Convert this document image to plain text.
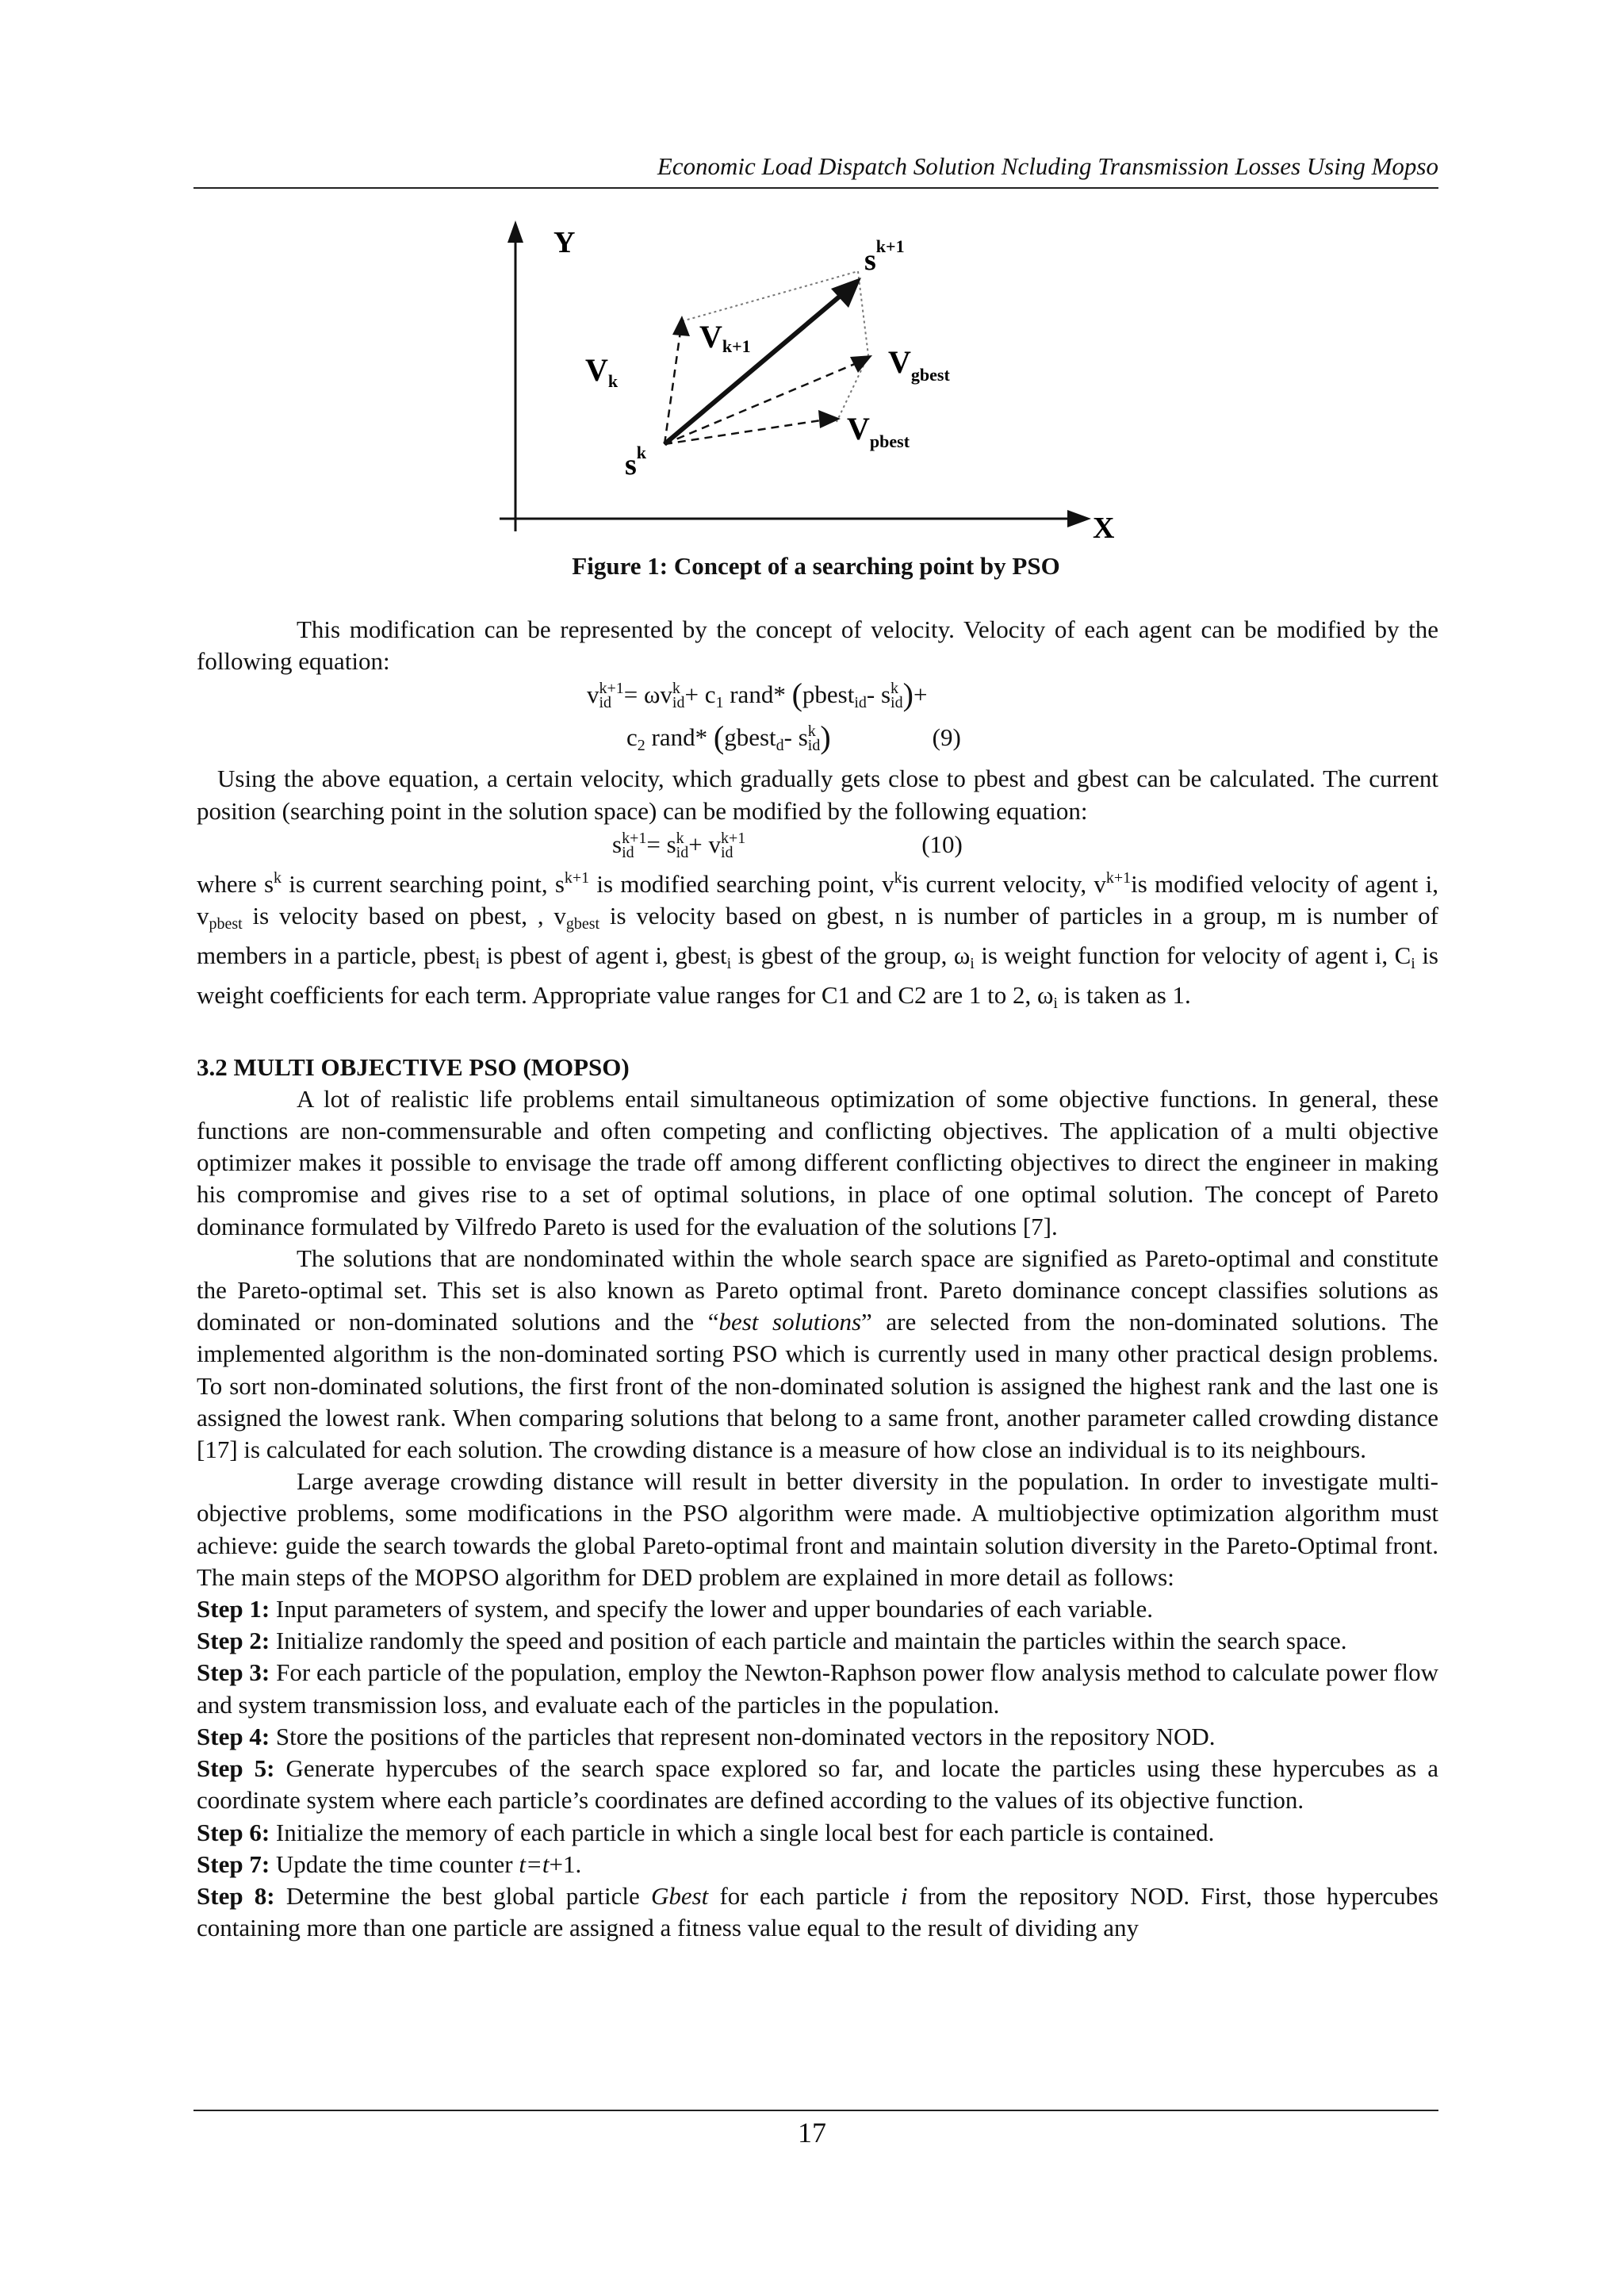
Economic Load Dispatch Solution Ncluding Transmission Losses Using Mopso
Y
X
$V_k$
$s^k$
$s^{k+1}$
Vk+1	$V_{gbest}$
$V_{pbest}$
Figure 1: Concept of a searching point by PSO

This modification can be represented by the concept of velocity. Velocity of each agent can be modified by the following equation:

v k+1
id = ωv k
id + $c_1$ rand* (pbest$_{id}$- s k
id )+

$c_2$ rand* (gbest$_d$- s k
id )	(9)

Using the above equation, a certain velocity, which gradually gets close to pbest and gbest can be calculated. The current position (searching point in the solution space) can be modified by the following equation:

s k+1
id = s k
id + v k+1
id	(10)

where $s^k$ is current searching point, $s^{k+1}$ is modified searching point, $v^kis$ current velocity, $v^{k+1}is$ modified velocity of agent i, $v_{pbest}$ is velocity based on pbest, , $v_{gbest}$ is velocity based on gbest, n is number of particles in a group, m is number of members in a particle, pbest$_i$ is pbest of agent i, gbest$_i$ is gbest of the group, $\omega_i$ is weight function for velocity of agent i, $C_i$ is weight coefficients for each term. Appropriate value ranges for C1 and C2 are 1 to 2, $\omega_i$ is taken as 1.

3.2 MULTI OBJECTIVE PSO (MOPSO)

A lot of realistic life problems entail simultaneous optimization of some objective functions. In general, these functions are non-commensurable and often competing and conflicting objectives. The application of a multi objective optimizer makes it possible to envisage the trade off among different conflicting objectives to direct the engineer in making his compromise and gives rise to a set of optimal solutions, in place of one optimal solution. The concept of Pareto dominance formulated by Vilfredo Pareto is used for the evaluation of the solutions [7].

The solutions that are nondominated within the whole search space are signified as Pareto-optimal and constitute the Pareto-optimal set. This set is also known as Pareto optimal front. Pareto dominance concept classifies solutions as dominated or non-dominated solutions and the “best solutions” are selected from the non-dominated solutions. The implemented algorithm is the non-dominated sorting PSO which is currently used in many other practical design problems. To sort non-dominated solutions, the first front of the non-dominated solution is assigned the highest rank and the last one is assigned the lowest rank. When comparing solutions that belong to a same front, another parameter called crowding distance [17] is calculated for each solution. The crowding distance is a measure of how close an individual is to its neighbours.

Large average crowding distance will result in better diversity in the population. In order to investigate multi-objective problems, some modifications in the PSO algorithm were made. A multiobjective optimization algorithm must achieve: guide the search towards the global Pareto-optimal front and maintain solution diversity in the Pareto-Optimal front. The main steps of the MOPSO algorithm for DED problem are explained in more detail as follows:

Step 1: Input parameters of system, and specify the lower and upper boundaries of each variable.

Step 2: Initialize randomly the speed and position of each particle and maintain the particles within the search space.

Step 3: For each particle of the population, employ the Newton-Raphson power flow analysis method to calculate power flow and system transmission loss, and evaluate each of the particles in the population.

Step 4: Store the positions of the particles that represent non-dominated vectors in the repository NOD.

Step 5: Generate hypercubes of the search space explored so far, and locate the particles using these hypercubes as a coordinate system where each particle’s coordinates are defined according to the values of its objective function.

Step 6: Initialize the memory of each particle in which a single local best for each particle is contained.

Step 7: Update the time counter t=t+1.

Step 8: Determine the best global particle Gbest for each particle i from the repository NOD. First, those hypercubes containing more than one particle are assigned a fitness value equal to the result of dividing any

17
